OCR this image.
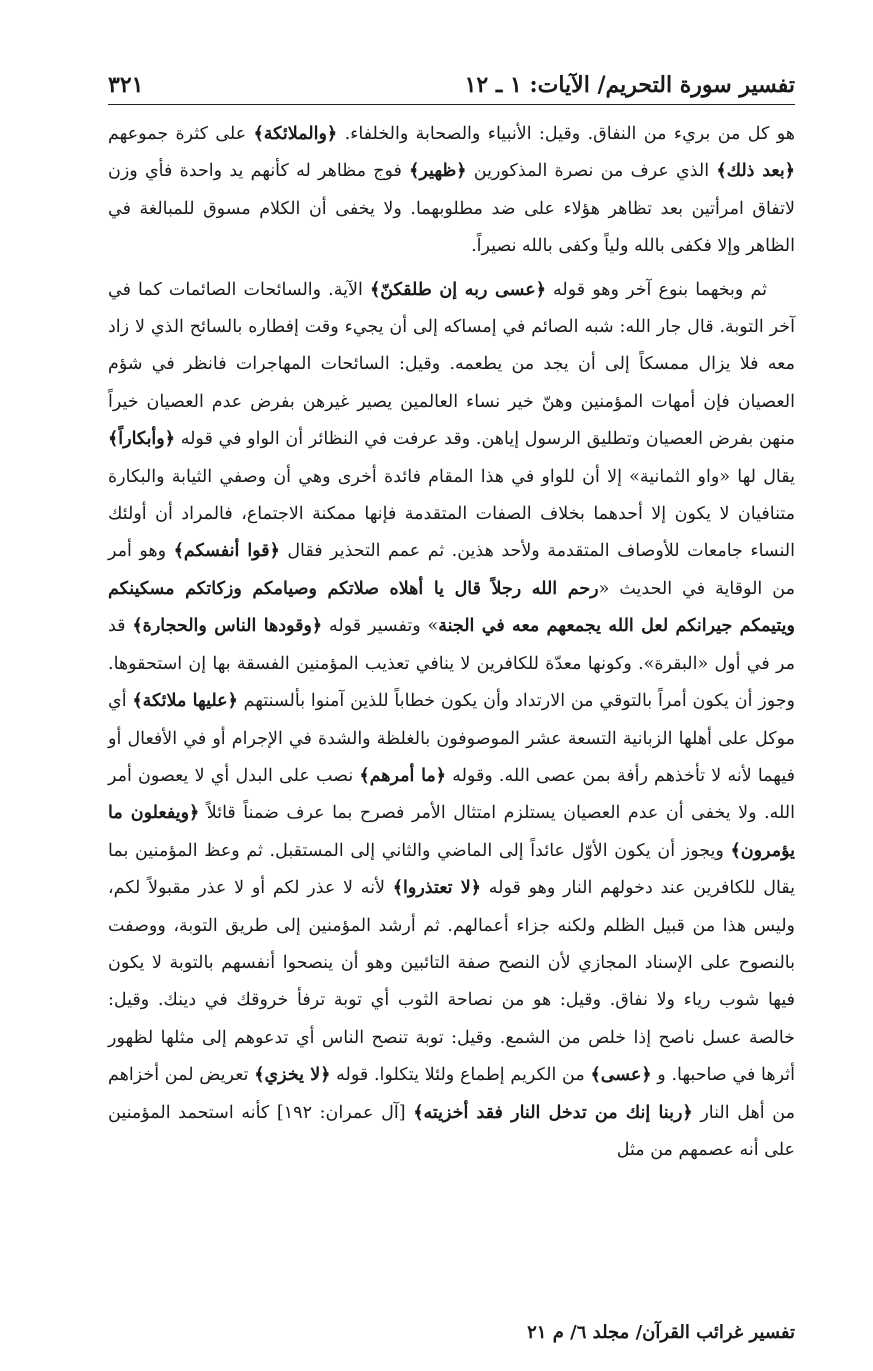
تفسير سورة التحريم/ الآيات: ١ ـ ١٢
٣٢١

هو كل من بريء من النفاق. وقيل: الأنبياء والصحابة والخلفاء. ﴿والملائكة﴾ على كثرة جموعهم ﴿بعد ذلك﴾ الذي عرف من نصرة المذكورين ﴿ظهير﴾ فوج مظاهر له كأنهم يد واحدة فأي وزن لاتفاق امرأتين بعد تظاهر هؤلاء على ضد مطلوبهما. ولا يخفى أن الكلام مسوق للمبالغة في الظاهر وإلا فكفى بالله ولياً وكفى بالله نصيراً.

ثم وبخهما بنوع آخر وهو قوله ﴿عسى ربه إن طلقكنّ﴾ الآية. والسائحات الصائمات كما في آخر التوبة. قال جار الله: شبه الصائم في إمساكه إلى أن يجيء وقت إفطاره بالسائح الذي لا زاد معه فلا يزال ممسكاً إلى أن يجد من يطعمه. وقيل: السائحات المهاجرات فانظر في شؤم العصيان فإن أمهات المؤمنين وهنّ خير نساء العالمين يصير غيرهن بفرض عدم العصيان خيراً منهن بفرض العصيان وتطليق الرسول إياهن. وقد عرفت في النظائر أن الواو في قوله ﴿وأبكاراً﴾ يقال لها «واو الثمانية» إلا أن للواو في هذا المقام فائدة أخرى وهي أن وصفي الثيابة والبكارة متنافيان لا يكون إلا أحدهما بخلاف الصفات المتقدمة فإنها ممكنة الاجتماع، فالمراد أن أولئك النساء جامعات للأوصاف المتقدمة ولأحد هذين. ثم عمم التحذير فقال ﴿قوا أنفسكم﴾ وهو أمر من الوقاية في الحديث «رحم الله رجلاً قال يا أهلاه صلاتكم وصيامكم وزكاتكم مسكينكم ويتيمكم جيرانكم لعل الله يجمعهم معه في الجنة» وتفسير قوله ﴿وقودها الناس والحجارة﴾ قد مر في أول «البقرة». وكونها معدّة للكافرين لا ينافي تعذيب المؤمنين الفسقة بها إن استحقوها. وجوز أن يكون أمراً بالتوقي من الارتداد وأن يكون خطاباً للذين آمنوا بألسنتهم ﴿عليها ملائكة﴾ أي موكل على أهلها الزبانية التسعة عشر الموصوفون بالغلظة والشدة في الإجرام أو في الأفعال أو فيهما لأنه لا تأخذهم رأفة بمن عصى الله. وقوله ﴿ما أمرهم﴾ نصب على البدل أي لا يعصون أمر الله. ولا يخفى أن عدم العصيان يستلزم امتثال الأمر فصرح بما عرف ضمناً قائلاً ﴿ويفعلون ما يؤمرون﴾ ويجوز أن يكون الأوّل عائداً إلى الماضي والثاني إلى المستقبل. ثم وعظ المؤمنين بما يقال للكافرين عند دخولهم النار وهو قوله ﴿لا تعتذروا﴾ لأنه لا عذر لكم أو لا عذر مقبولاً لكم، وليس هذا من قبيل الظلم ولكنه جزاء أعمالهم. ثم أرشد المؤمنين إلى طريق التوبة، ووصفت بالنصوح على الإسناد المجازي لأن النصح صفة التائبين وهو أن ينصحوا أنفسهم بالتوبة لا يكون فيها شوب رياء ولا نفاق. وقيل: هو من نصاحة الثوب أي توبة ترفأ خروقك في دينك. وقيل: خالصة عسل ناصح إذا خلص من الشمع. وقيل: توبة تنصح الناس أي تدعوهم إلى مثلها لظهور أثرها في صاحبها. و ﴿عسى﴾ من الكريم إطماع ولئلا يتكلوا. قوله ﴿لا يخزي﴾ تعريض لمن أخزاهم من أهل النار ﴿ربنا إنك من تدخل النار فقد أخزيته﴾ [آل عمران: ١٩٢] كأنه استحمد المؤمنين على أنه عصمهم من مثل

تفسير غرائب القرآن/ مجلد ٦/ م ٢١
